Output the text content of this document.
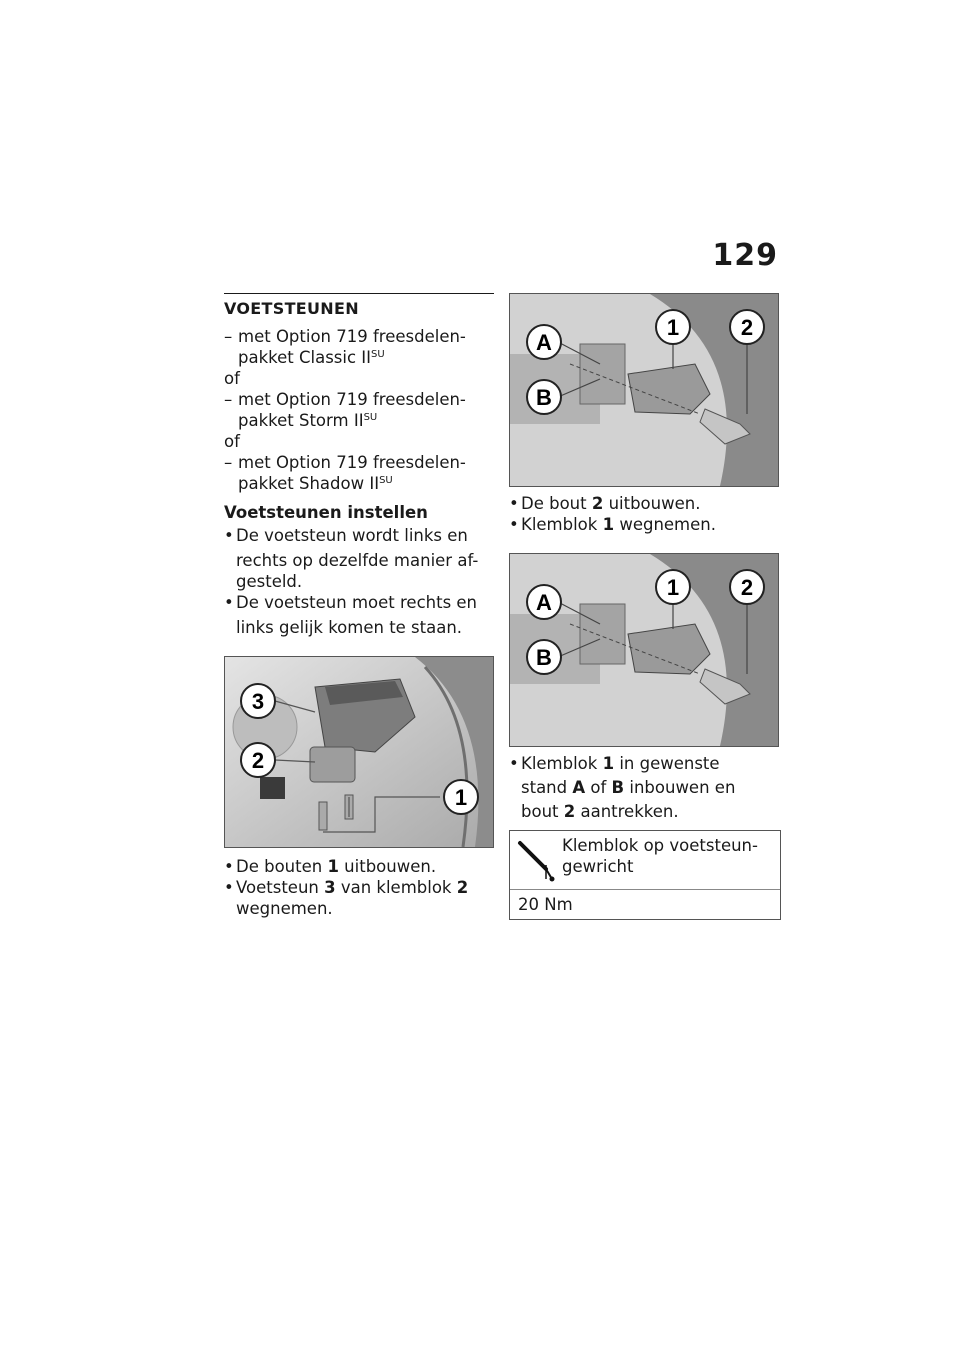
129
VOETSTEUNEN
– met Option 719 freesdelen-
pakket Classic $II^{SU}$
of
– met Option 719 freesdelen-
pakket Storm $II^{SU}$
of
– met Option 719 freesdelen-
pakket Shadow $II^{SU}$
Voetsteunen instellen
• De voetsteun wordt links en
rechts op dezelfde manier af-
gesteld.
• De voetsteun moet rechts en
links gelijk komen te staan.
3
2
1
• De bouten 1 uitbouwen.
• Voetsteun 3 van klemblok 2
wegnemen.
A
B
1	2
• De bout 2 uitbouwen.
• Klemblok 1 wegnemen.
A
B
1	2
• Klemblok 1 in gewenste
stand A of B inbouwen en
bout 2 aantrekken.
Klemblok op voetsteun-
gewricht
20 Nm
